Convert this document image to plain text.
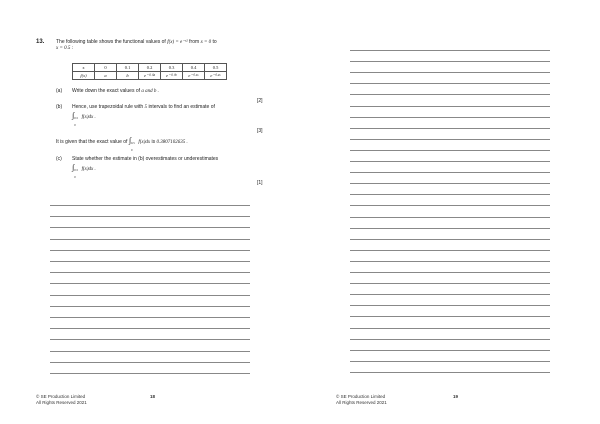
13. The following table shows the functional values of f(x) = e⁻ˣ² from x = 0 to
x = 0.5 :
x	0	0.1	0.2	0.3	0.4	0.5
f(x)	a	b	e⁻⁰·⁰⁴	e⁻⁰·⁰⁹	e⁻⁰·¹⁶	e⁻⁰·²⁵
(a) Write down the exact values of a and b .
[2]
(b) Hence, use trapezoidal rule with 5 intervals to find an estimate of
∫ 0.5
0
f(x)dx .
[3]
It is given that the exact value of ∫ 0.5
0
f(x)dx is 0.3807102635 .
(c) State whether the estimate in (b) overestimates or underestimates
∫ 0.5
0
f(x)dx .
[1]
© SE Production Limited
All Rights Reserved 2021
18	© SE Production Limited
All Rights Reserved 2021
19
